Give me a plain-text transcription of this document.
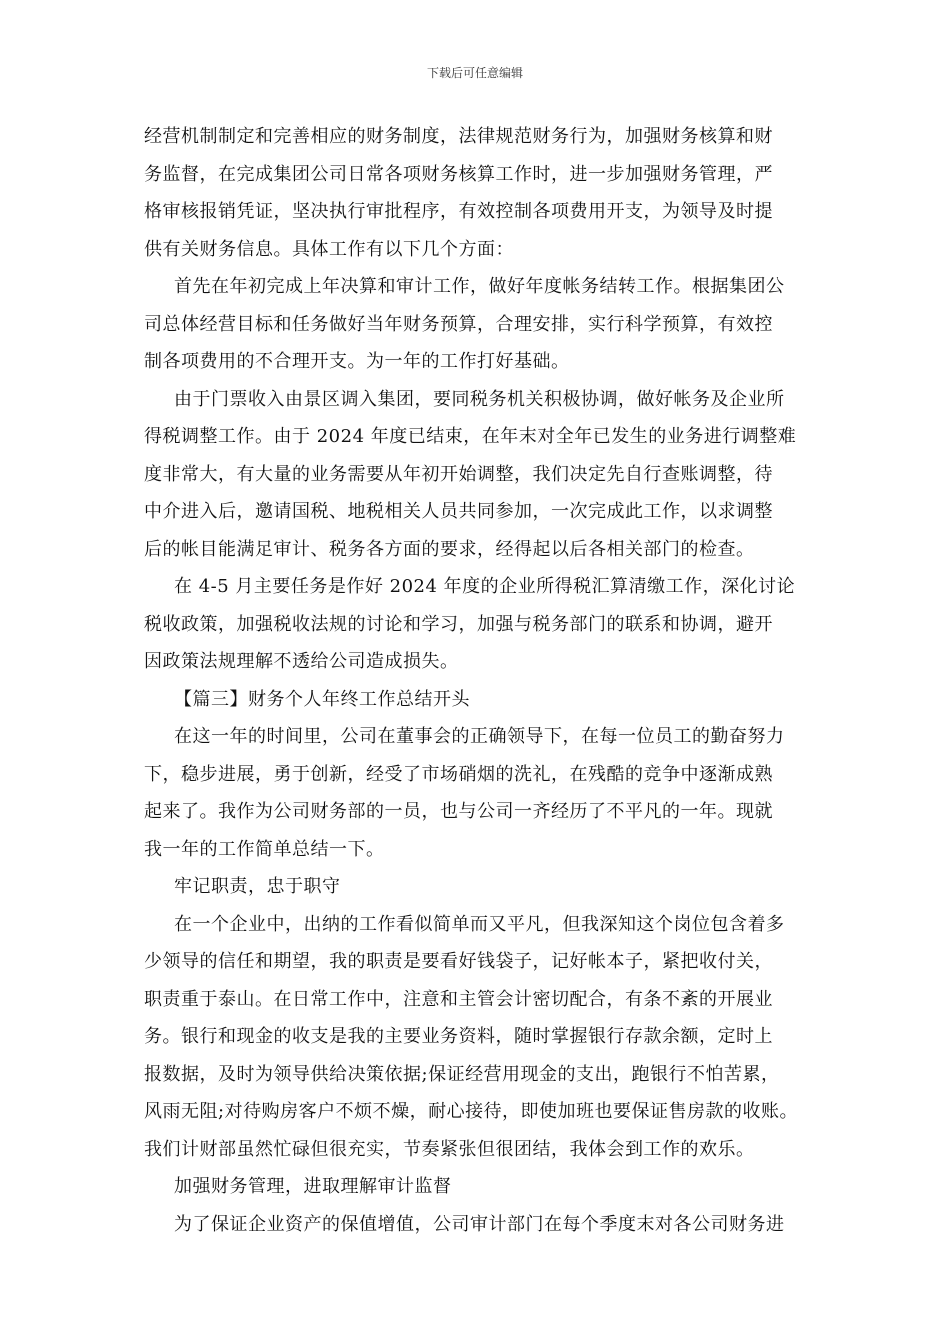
下载后可任意编辑
经营机制制定和完善相应的财务制度，法律规范财务行为，加强财务核算和财
务监督，在完成集团公司日常各项财务核算工作时，进一步加强财务管理，严
格审核报销凭证，坚决执行审批程序，有效控制各项费用开支，为领导及时提
供有关财务信息。具体工作有以下几个方面：
首先在年初完成上年决算和审计工作，做好年度帐务结转工作。根据集团公
司总体经营目标和任务做好当年财务预算，合理安排，实行科学预算，有效控
制各项费用的不合理开支。为一年的工作打好基础。
由于门票收入由景区调入集团，要同税务机关积极协调，做好帐务及企业所
得税调整工作。由于 2024 年度已结束，在年末对全年已发生的业务进行调整难
度非常大，有大量的业务需要从年初开始调整，我们决定先自行查账调整，待
中介进入后，邀请国税、地税相关人员共同参加，一次完成此工作，以求调整
后的帐目能满足审计、税务各方面的要求，经得起以后各相关部门的检查。
在 4-5 月主要任务是作好 2024 年度的企业所得税汇算清缴工作，深化讨论
税收政策，加强税收法规的讨论和学习，加强与税务部门的联系和协调，避开
因政策法规理解不透给公司造成损失。
【篇三】财务个人年终工作总结开头
在这一年的时间里，公司在董事会的正确领导下，在每一位员工的勤奋努力
下，稳步进展，勇于创新，经受了市场硝烟的洗礼，在残酷的竞争中逐渐成熟
起来了。我作为公司财务部的一员，也与公司一齐经历了不平凡的一年。现就
我一年的工作简单总结一下。
牢记职责，忠于职守
在一个企业中，出纳的工作看似简单而又平凡，但我深知这个岗位包含着多
少领导的信任和期望，我的职责是要看好钱袋子，记好帐本子，紧把收付关，
职责重于泰山。在日常工作中，注意和主管会计密切配合，有条不紊的开展业
务。银行和现金的收支是我的主要业务资料，随时掌握银行存款余额，定时上
报数据，及时为领导供给决策依据;保证经营用现金的支出，跑银行不怕苦累，
风雨无阻;对待购房客户不烦不燥，耐心接待，即使加班也要保证售房款的收账。
我们计财部虽然忙碌但很充实，节奏紧张但很团结，我体会到工作的欢乐。
加强财务管理，进取理解审计监督
为了保证企业资产的保值增值，公司审计部门在每个季度末对各公司财务进
